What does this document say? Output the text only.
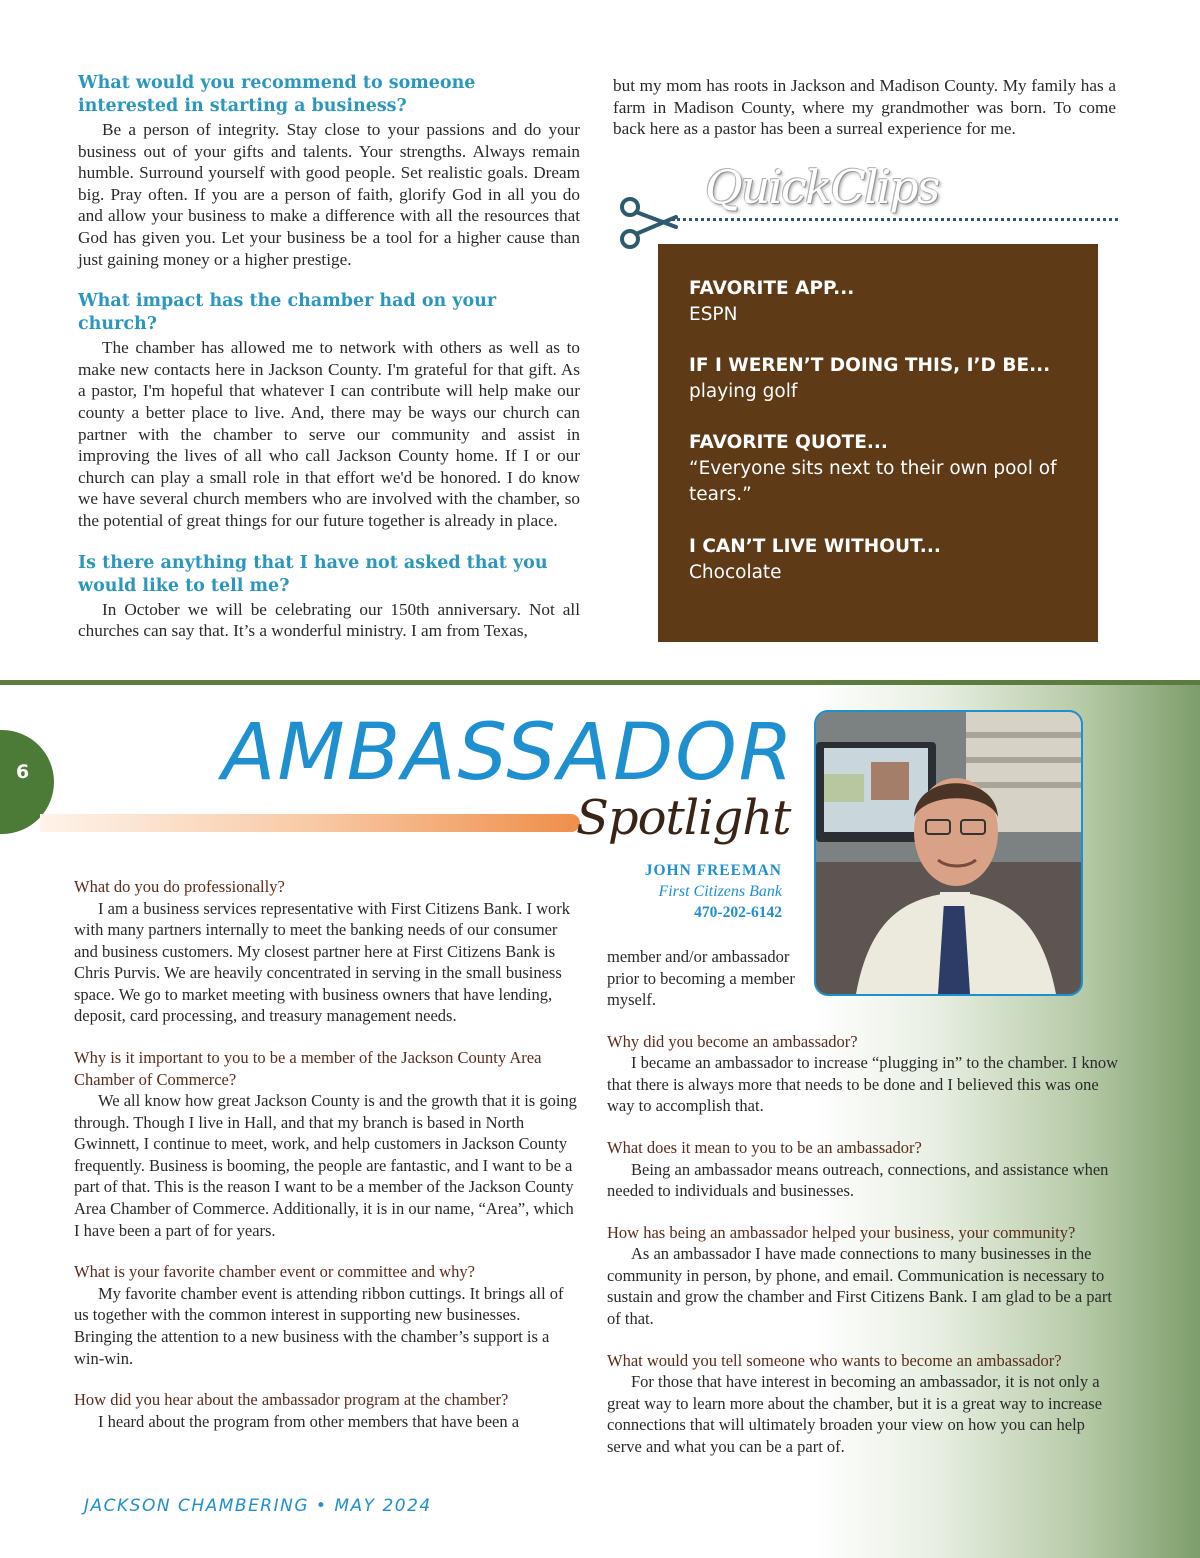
What would you recommend to someone interested in starting a business?

Be a person of integrity. Stay close to your passions and do your business out of your gifts and talents. Your strengths. Always remain humble. Surround yourself with good people. Set realistic goals. Dream big. Pray often. If you are a person of faith, glorify God in all you do and allow your business to make a difference with all the resources that God has given you. Let your business be a tool for a higher cause than just gaining money or a higher prestige.

What impact has the chamber had on your church?

The chamber has allowed me to network with others as well as to make new contacts here in Jackson County. I'm grateful for that gift. As a pastor, I'm hopeful that whatever I can contribute will help make our county a better place to live. And, there may be ways our church can partner with the chamber to serve our community and assist in improving the lives of all who call Jackson County home. If I or our church can play a small role in that effort we'd be honored. I do know we have several church members who are involved with the chamber, so the potential of great things for our future together is already in place.

Is there anything that I have not asked that you would like to tell me?

In October we will be celebrating our 150th anniversary. Not all churches can say that. It’s a wonderful ministry. I am from Texas,

but my mom has roots in Jackson and Madison County. My family has a farm in Madison County, where my grandmother was born. To come back here as a pastor has been a surreal experience for me.

QuickClips
FAVORITE APP...
ESPN
IF I WEREN’T DOING THIS, I’D BE...
playing golf
FAVORITE QUOTE...
“Everyone sits next to their own pool of tears.”
I CAN’T LIVE WITHOUT...
Chocolate
6 AMBASSADOR
Spotlight
JOHN FREEMAN
First Citizens Bank
470-202-6142
What do you do professionally?

I am a business services representative with First Citizens Bank. I work with many partners internally to meet the banking needs of our consumer and business customers. My closest partner here at First Citizens Bank is Chris Purvis. We are heavily concentrated in serving in the small business space. We go to market meeting with business owners that have lending, deposit, card processing, and treasury management needs.

Why is it important to you to be a member of the Jackson County Area Chamber of Commerce?

We all know how great Jackson County is and the growth that it is going through. Though I live in Hall, and that my branch is based in North Gwinnett, I continue to meet, work, and help customers in Jackson County frequently. Business is booming, the people are fantastic, and I want to be a part of that. This is the reason I want to be a member of the Jackson County Area Chamber of Commerce. Additionally, it is in our name, “Area”, which I have been a part of for years.

What is your favorite chamber event or committee and why?

My favorite chamber event is attending ribbon cuttings. It brings all of us together with the common interest in supporting new businesses. Bringing the attention to a new business with the chamber’s support is a win-win.

How did you hear about the ambassador program at the chamber?

I heard about the program from other members that have been a

member and/or ambassador prior to becoming a member myself.

Why did you become an ambassador?

I became an ambassador to increase “plugging in” to the chamber. I know that there is always more that needs to be done and I believed this was one way to accomplish that.

What does it mean to you to be an ambassador?

Being an ambassador means outreach, connections, and assistance when needed to individuals and businesses.

How has being an ambassador helped your business, your community?

As an ambassador I have made connections to many businesses in the community in person, by phone, and email. Communication is necessary to sustain and grow the chamber and First Citizens Bank. I am glad to be a part of that.

What would you tell someone who wants to become an ambassador?

For those that have interest in becoming an ambassador, it is not only a great way to learn more about the chamber, but it is a great way to increase connections that will ultimately broaden your view on how you can help serve and what you can be a part of.

JACKSON CHAMBERING • MAY 2024
